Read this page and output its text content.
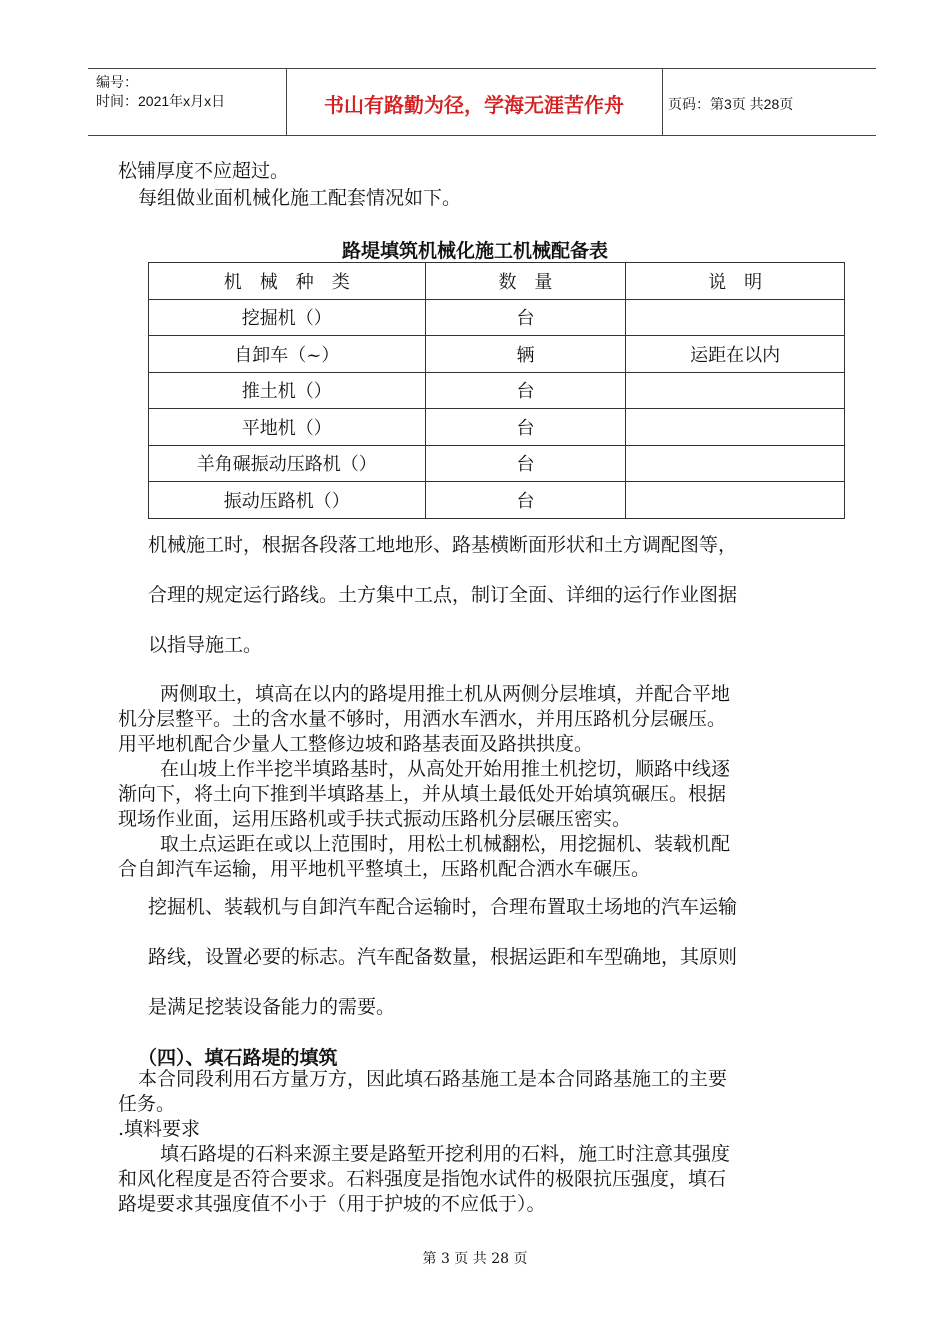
编号：
时间：2021年x月x日	书山有路勤为径，学海无涯苦作舟	页码：第3页 共28页
松铺厚度不应超过。
每组做业面机械化施工配套情况如下。
路堤填筑机械化施工机械配备表
机　械　种　类	数　量	说　明
挖掘机（）	台	
自卸车（~）	辆	运距在以内
推土机（）	台	
平地机（）	台	
羊角碾振动压路机（）	台	
振动压路机（）	台	
机械施工时，根据各段落工地地形、路基横断面形状和土方调配图等，
合理的规定运行路线。土方集中工点，制订全面、详细的运行作业图据
以指导施工。
两侧取土，填高在以内的路堤用推土机从两侧分层堆填，并配合平地
机分层整平。土的含水量不够时，用洒水车洒水，并用压路机分层碾压。
用平地机配合少量人工整修边坡和路基表面及路拱拱度。
在山坡上作半挖半填路基时，从高处开始用推土机挖切，顺路中线逐
渐向下，将土向下推到半填路基上，并从填土最低处开始填筑碾压。根据
现场作业面，运用压路机或手扶式振动压路机分层碾压密实。
取土点运距在或以上范围时，用松土机械翻松，用挖掘机、装载机配
合自卸汽车运输，用平地机平整填土，压路机配合洒水车碾压。
挖掘机、装载机与自卸汽车配合运输时，合理布置取土场地的汽车运输
路线，设置必要的标志。汽车配备数量，根据运距和车型确地，其原则
是满足挖装设备能力的需要。
（四）、填石路堤的填筑
本合同段利用石方量万方，因此填石路基施工是本合同路基施工的主要
任务。
.填料要求
填石路堤的石料来源主要是路堑开挖利用的石料，施工时注意其强度
和风化程度是否符合要求。石料强度是指饱水试件的极限抗压强度，填石
路堤要求其强度值不小于（用于护坡的不应低于）。
第 3 页 共 28 页
